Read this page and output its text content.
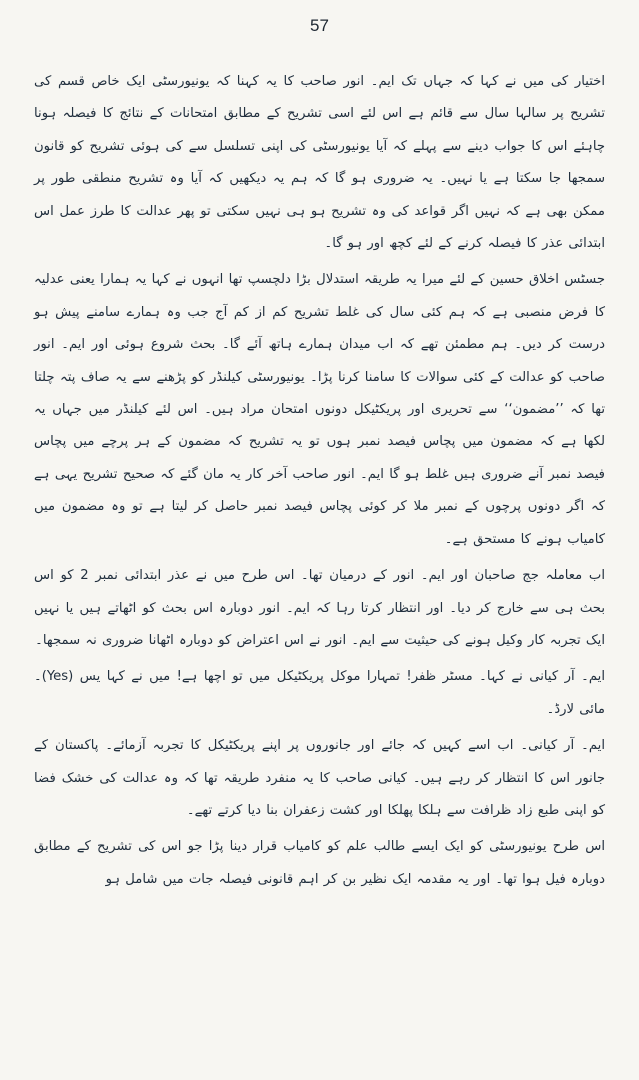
57

اختیار کی میں نے کہا کہ جہاں تک ایم۔ انور صاحب کا یہ کہنا کہ یونیورسٹی ایک خاص قسم کی تشریح پر سالہا سال سے قائم ہے اس لئے اسی تشریح کے مطابق امتحانات کے نتائج کا فیصلہ ہونا چاہئے اس کا جواب دینے سے پہلے کہ آیا یونیورسٹی کی اپنی تسلسل سے کی ہوئی تشریح کو قانون سمجھا جا سکتا ہے یا نہیں۔ یہ ضروری ہو گا کہ ہم یہ دیکھیں کہ آیا وہ تشریح منطقی طور پر ممکن بھی ہے کہ نہیں اگر قواعد کی وہ تشریح ہو ہی نہیں سکتی تو پھر عدالت کا طرز عمل اس ابتدائی عذر کا فیصلہ کرنے کے لئے کچھ اور ہو گا۔

جسٹس اخلاق حسین کے لئے میرا یہ طریقہ استدلال بڑا دلچسپ تھا انہوں نے کہا یہ ہمارا یعنی عدلیہ کا فرض منصبی ہے کہ ہم کئی سال کی غلط تشریح کم از کم آج جب وہ ہمارے سامنے پیش ہو درست کر دیں۔ ہم مطمئن تھے کہ اب میدان ہمارے ہاتھ آئے گا۔ بحث شروع ہوئی اور ایم۔ انور صاحب کو عدالت کے کئی سوالات کا سامنا کرنا پڑا۔ یونیورسٹی کیلنڈر کو پڑھنے سے یہ صاف پتہ چلتا تھا کہ ’’مضمون‘‘ سے تحریری اور پریکٹیکل دونوں امتحان مراد ہیں۔ اس لئے کیلنڈر میں جہاں یہ لکھا ہے کہ مضمون میں پچاس فیصد نمبر ہوں تو یہ تشریح کہ مضمون کے ہر پرچے میں پچاس فیصد نمبر آنے ضروری ہیں غلط ہو گا ایم۔ انور صاحب آخر کار یہ مان گئے کہ صحیح تشریح یہی ہے کہ اگر دونوں پرچوں کے نمبر ملا کر کوئی پچاس فیصد نمبر حاصل کر لیتا ہے تو وہ مضمون میں کامیاب ہونے کا مستحق ہے۔

اب معاملہ جج صاحبان اور ایم۔ انور کے درمیان تھا۔ اس طرح میں نے عذر ابتدائی نمبر 2 کو اس بحث ہی سے خارج کر دیا۔ اور انتظار کرتا رہا کہ ایم۔ انور دوبارہ اس بحث کو اٹھاتے ہیں یا نہیں ایک تجربہ کار وکیل ہونے کی حیثیت سے ایم۔ انور نے اس اعتراض کو دوبارہ اٹھانا ضروری نہ سمجھا۔

ایم۔ آر کیانی نے کہا۔ مسٹر ظفر! تمہارا موکل پریکٹیکل میں تو اچھا ہے! میں نے کہا یس (Yes)۔ مائی لارڈ۔

ایم۔ آر کیانی۔ اب اسے کہیں کہ جائے اور جانوروں پر اپنے پریکٹیکل کا تجربہ آزمائے۔ پاکستان کے جانور اس کا انتظار کر رہے ہیں۔ کیانی صاحب کا یہ منفرد طریقہ تھا کہ وہ عدالت کی خشک فضا کو اپنی طبع زاد ظرافت سے ہلکا پھلکا اور کشت زعفران بنا دیا کرتے تھے۔

اس طرح یونیورسٹی کو ایک ایسے طالب علم کو کامیاب قرار دینا پڑا جو اس کی تشریح کے مطابق دوبارہ فیل ہوا تھا۔ اور یہ مقدمہ ایک نظیر بن کر اہم قانونی فیصلہ جات میں شامل ہو
